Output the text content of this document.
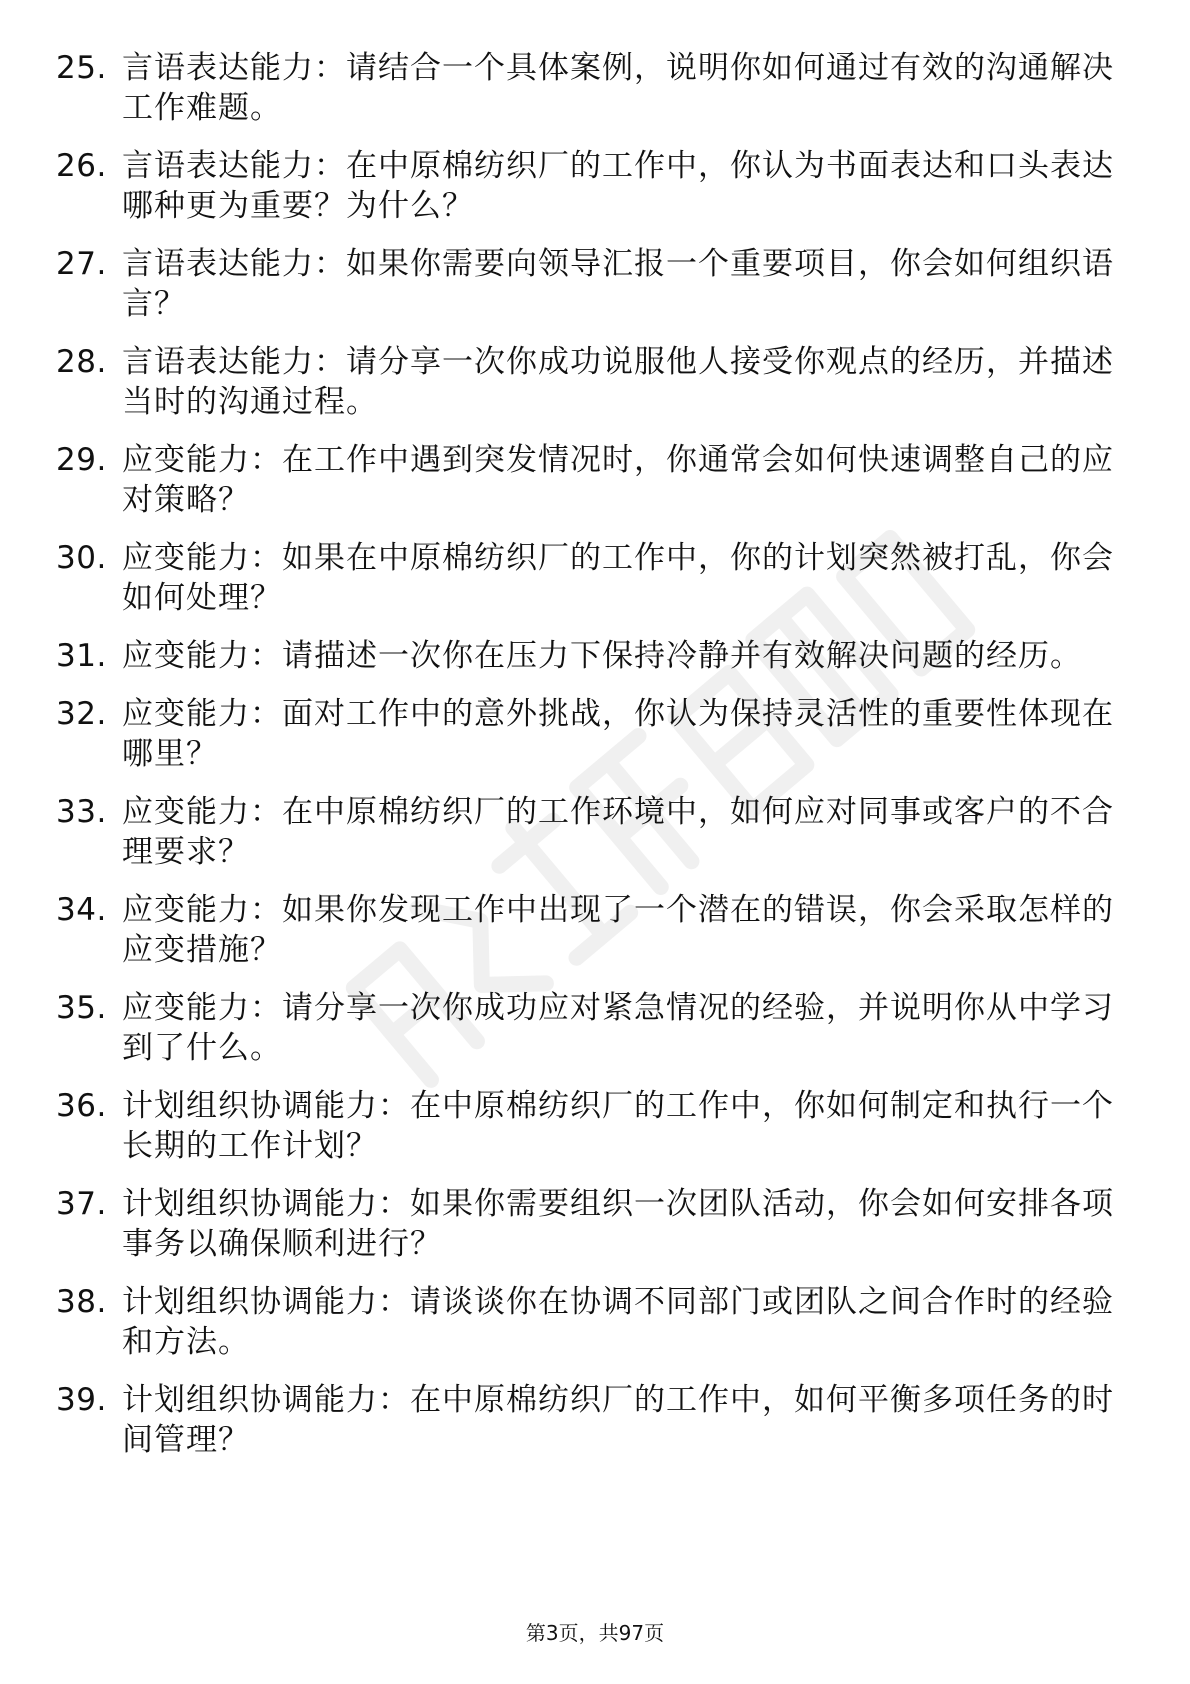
25. 言语表达能力：请结合一个具体案例，说明你如何通过有效的沟通解决工作难题。
26. 言语表达能力：在中原棉纺织厂的工作中，你认为书面表达和口头表达哪种更为重要？为什么？
27. 言语表达能力：如果你需要向领导汇报一个重要项目，你会如何组织语言？
28. 言语表达能力：请分享一次你成功说服他人接受你观点的经历，并描述当时的沟通过程。
29. 应变能力：在工作中遇到突发情况时，你通常会如何快速调整自己的应对策略？
30. 应变能力：如果在中原棉纺织厂的工作中，你的计划突然被打乱，你会如何处理？
31. 应变能力：请描述一次你在压力下保持冷静并有效解决问题的经历。
32. 应变能力：面对工作中的意外挑战，你认为保持灵活性的重要性体现在哪里？
33. 应变能力：在中原棉纺织厂的工作环境中，如何应对同事或客户的不合理要求？
34. 应变能力：如果你发现工作中出现了一个潜在的错误，你会采取怎样的应变措施？
35. 应变能力：请分享一次你成功应对紧急情况的经验，并说明你从中学习到了什么。
36. 计划组织协调能力：在中原棉纺织厂的工作中，你如何制定和执行一个长期的工作计划？
37. 计划组织协调能力：如果你需要组织一次团队活动，你会如何安排各项事务以确保顺利进行？
38. 计划组织协调能力：请谈谈你在协调不同部门或团队之间合作时的经验和方法。
39. 计划组织协调能力：在中原棉纺织厂的工作中，如何平衡多项任务的时间管理？
第3页，共97页
